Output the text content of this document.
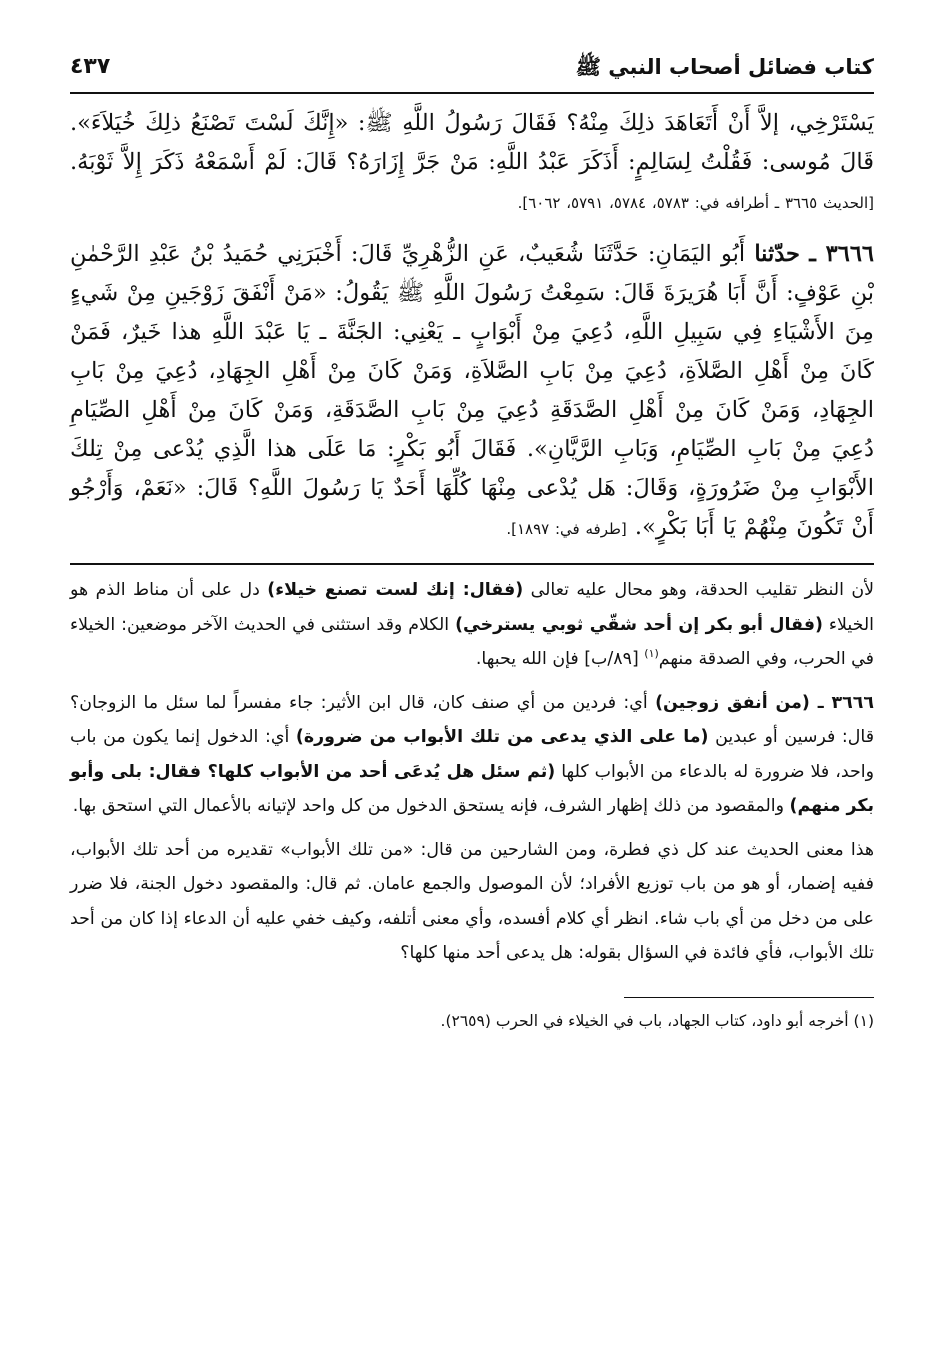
كتاب فضائل أصحاب النبي ﷺ
٤٣٧

يَسْتَرْخِي، إلاَّ أَنْ أَتَعَاهَدَ ذلِكَ مِنْهُ؟ فَقَالَ رَسُولُ اللَّهِ ﷺ: «إِنَّكَ لَسْتَ تَصْنَعُ ذلِكَ خُيَلاَءَ». قَالَ مُوسى: فَقُلْتُ لِسَالِمٍ: أَذَكَرَ عَبْدُ اللَّهِ: مَنْ جَرَّ إِزَارَهُ؟ قَالَ: لَمْ أَسْمَعْهُ ذَكَرَ إِلاَّ ثَوْبَهُ. [الحديث ٣٦٦٥ ـ أطرافه في: ٥٧٨٣، ٥٧٨٤، ٥٧٩١، ٦٠٦٢].

٣٦٦٦ ـ حدّثنا أَبُو اليَمَانِ: حَدَّثَنَا شُعَيبٌ، عَنِ الزُّهْرِيِّ قَالَ: أَخْبَرَنِي حُمَيدُ بْنُ عَبْدِ الرَّحْمٰنِ بْنِ عَوْفٍ: أَنَّ أَبَا هُرَيرَةَ قَالَ: سَمِعْتُ رَسُولَ اللَّهِ ﷺ يَقُولُ: «مَنْ أَنْفَقَ زَوْجَينِ مِنْ شَيءٍ مِنَ الأَشْيَاءِ فِي سَبِيلِ اللَّهِ، دُعِيَ مِنْ أَبْوَابٍ ـ يَعْنِي: الجَنَّةَ ـ يَا عَبْدَ اللَّهِ هذا خَيرٌ، فَمَنْ كَانَ مِنْ أَهْلِ الصَّلاَةِ، دُعِيَ مِنْ بَابِ الصَّلاَةِ، وَمَنْ كَانَ مِنْ أَهْلِ الجِهَادِ، دُعِيَ مِنْ بَابِ الجِهَادِ، وَمَنْ كَانَ مِنْ أَهْلِ الصَّدَقَةِ دُعِيَ مِنْ بَابِ الصَّدَقَةِ، وَمَنْ كَانَ مِنْ أَهْلِ الصِّيَامِ دُعِيَ مِنْ بَابِ الصِّيَامِ، وَبَابِ الرَّيَّانِ». فَقَالَ أَبُو بَكْرٍ: مَا عَلَى هذا الَّذِي يُدْعى مِنْ تِلكَ الأَبْوَابِ مِنْ ضَرُورَةٍ، وَقَالَ: هَل يُدْعى مِنْهَا كُلِّهَا أَحَدٌ يَا رَسُولَ اللَّهِ؟ قَالَ: «نَعَمْ، وَأَرْجُو أَنْ تَكُونَ مِنْهُمْ يَا أَبَا بَكْرٍ». [طرفه في: ١٨٩٧].

لأن النظر تقليب الحدقة، وهو محال عليه تعالى (فقال: إنك لست تصنع خيلاء) دل على أن مناط الذم هو الخيلاء (فقال أبو بكر إن أحد شقّي ثوبي يسترخي) الكلام وقد استثنى في الحديث الآخر موضعين: الخيلاء في الحرب، وفي الصدقة منهم$^{(١)}$ [٨٩/ب] فإن الله يحبها.

٣٦٦٦ ـ (من أنفق زوجين) أي: فردين من أي صنف كان، قال ابن الأثير: جاء مفسراً لما سئل ما الزوجان؟ قال: فرسين أو عبدين (ما على الذي يدعى من تلك الأبواب من ضرورة) أي: الدخول إنما يكون من باب واحد، فلا ضرورة له بالدعاء من الأبواب كلها (ثم سئل هل يُدعَى أحد من الأبواب كلها؟ فقال: بلى وأبو بكر منهم) والمقصود من ذلك إظهار الشرف، فإنه يستحق الدخول من كل واحد لإتيانه بالأعمال التي استحق بها.

هذا معنى الحديث عند كل ذي فطرة، ومن الشارحين من قال: «من تلك الأبواب» تقديره من أحد تلك الأبواب، ففيه إضمار، أو هو من باب توزيع الأفراد؛ لأن الموصول والجمع عامان. ثم قال: والمقصود دخول الجنة، فلا ضرر على من دخل من أي باب شاء. انظر أي كلام أفسده، وأي معنى أتلفه، وكيف خفي عليه أن الدعاء إذا كان من أحد تلك الأبواب، فأي فائدة في السؤال بقوله: هل يدعى أحد منها كلها؟

(١) أخرجه أبو داود، كتاب الجهاد، باب في الخيلاء في الحرب (٢٦٥٩).
